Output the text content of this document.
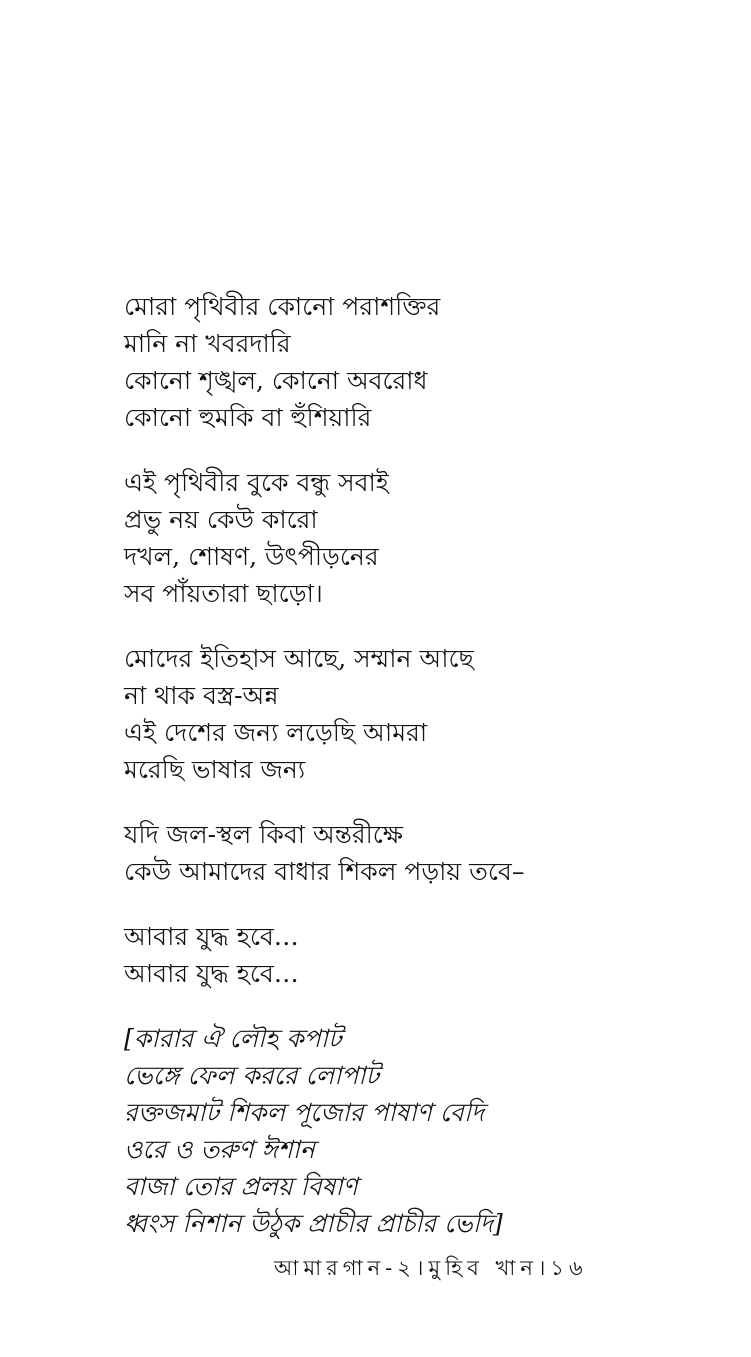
মোরা পৃথিবীর কোনো পরাশক্তির
মানি না খবরদারি
কোনো শৃঙ্খল, কোনো অবরোধ
কোনো হুমকি বা হুঁশিয়ারি
এই পৃথিবীর বুকে বন্ধু সবাই
প্রভু নয় কেউ কারো
দখল, শোষণ, উৎপীড়নের
সব পাঁয়তারা ছাড়ো।
মোদের ইতিহাস আছে, সম্মান আছে
না থাক বস্ত্র-অন্ন
এই দেশের জন্য লড়েছি আমরা
মরেছি ভাষার জন্য
যদি জল-স্থল কিবা অন্তরীক্ষে
কেউ আমাদের বাধার শিকল পড়ায় তবে–
আবার যুদ্ধ হবে…
আবার যুদ্ধ হবে…
[কারার ঐ লৌহ কপাট
ভেঙ্গে ফেল কররে লোপাট
রক্তজমাট শিকল পূজোর পাষাণ বেদি
ওরে ও তরুণ ঈশান
বাজা তোর প্রলয় বিষাণ
ধ্বংস নিশান উঠুক প্রাচীর প্রাচীর ভেদি]
আমারগান-২।মুহিব খান।১৬
